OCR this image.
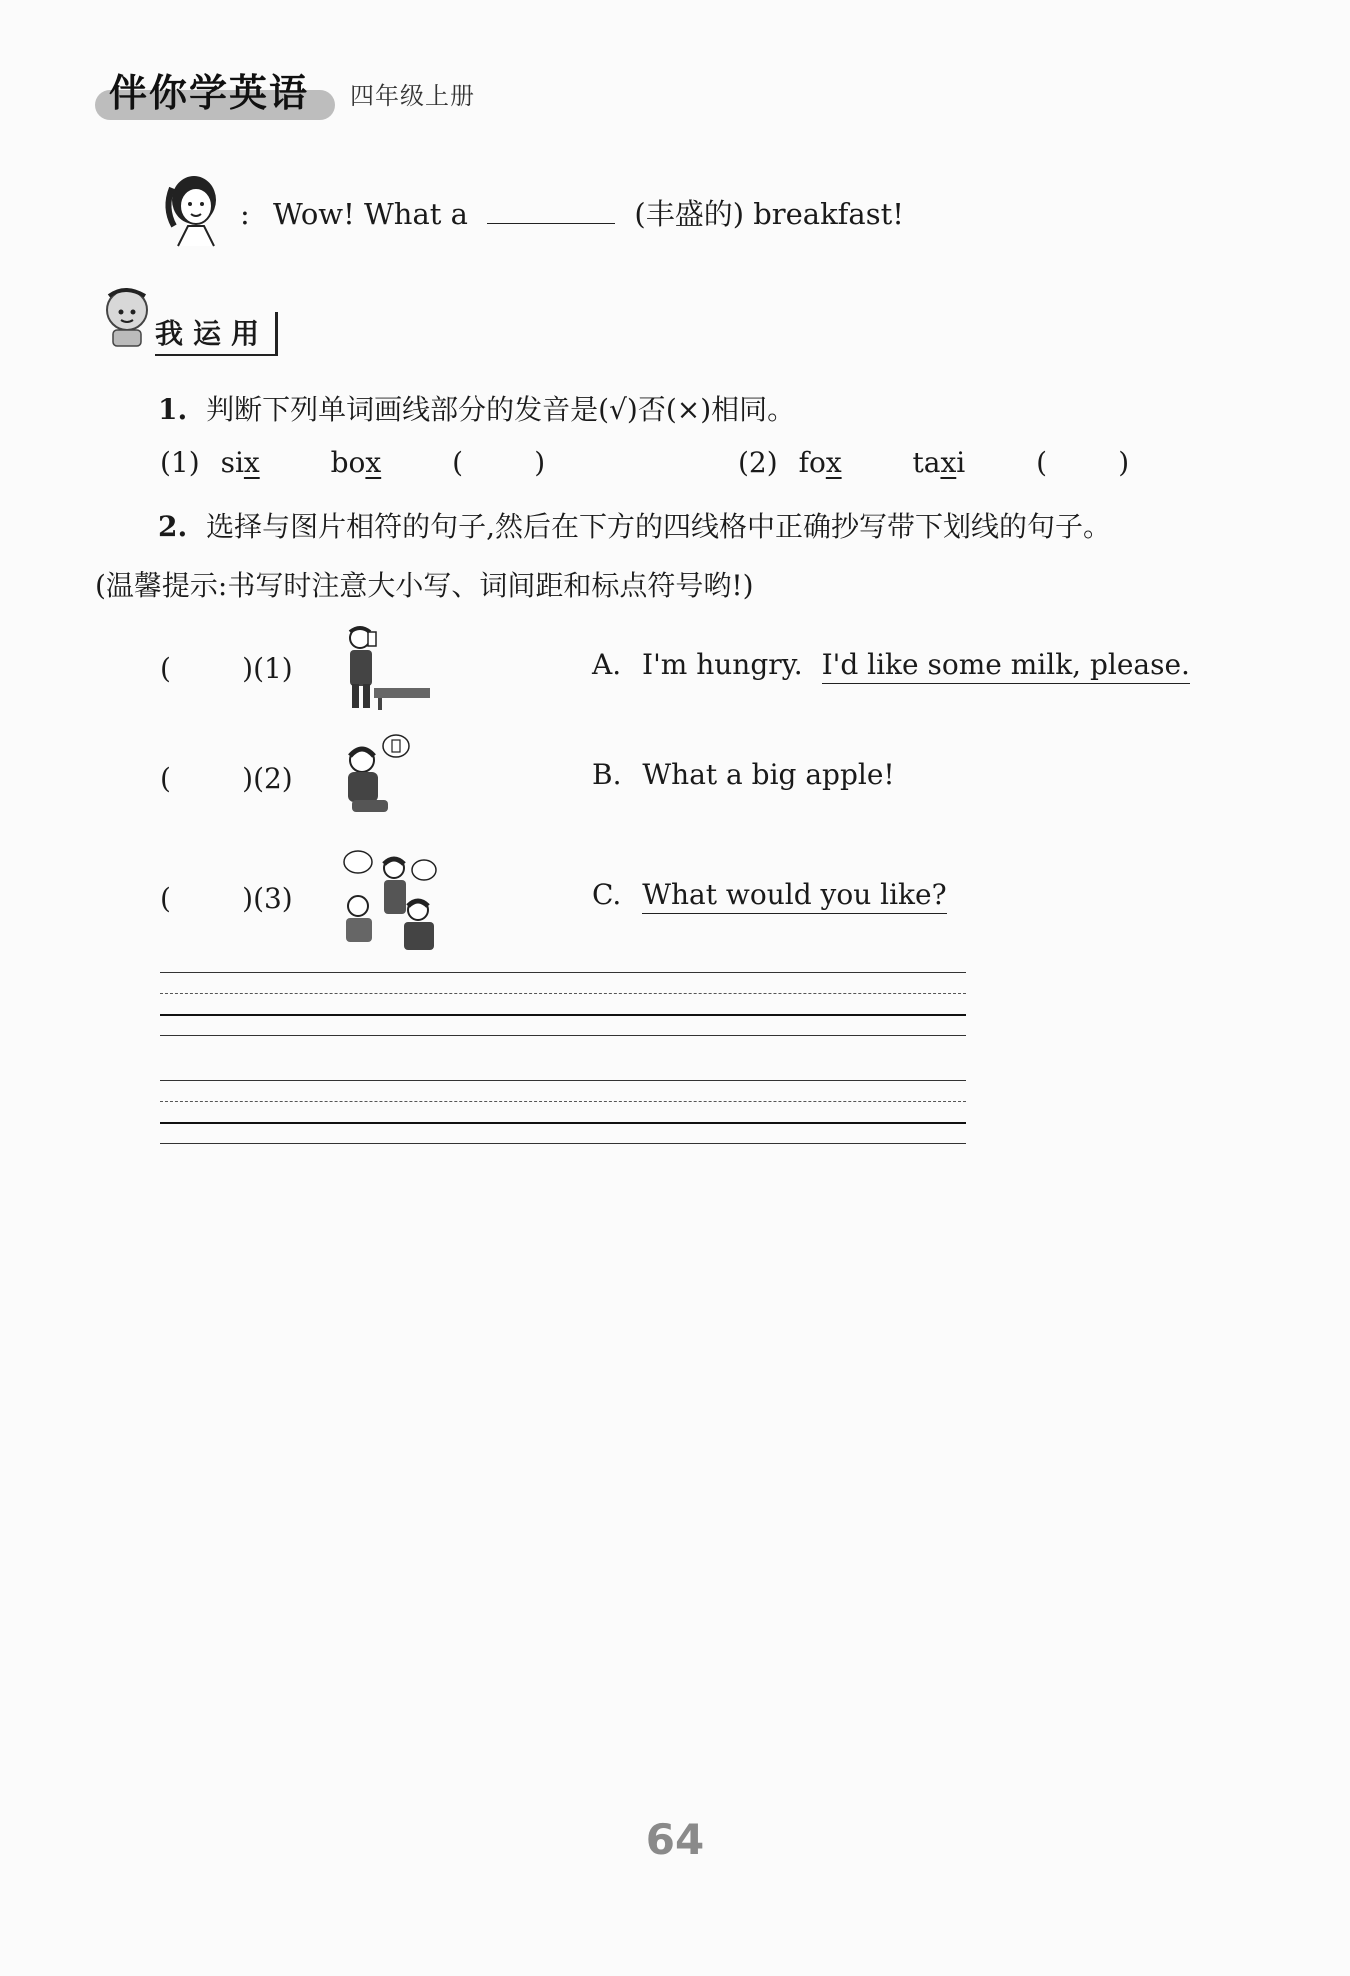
伴你学英语	四年级上册
: Wow! What a	(丰盛的) breakfast!
我运用
1. 判断下列单词画线部分的发音是(√)否(×)相同。
(1) six	box	(        )	(2) fox	taxi	(        )
2. 选择与图片相符的句子,然后在下方的四线格中正确抄写带下划线的句子。
(温馨提示:书写时注意大小写、词间距和标点符号哟!)
(        )(1)	A. I'm hungry. I'd like some milk, please.
(        )(2)	B. What a big apple!
(        )(3)	C. What would you like?
64
